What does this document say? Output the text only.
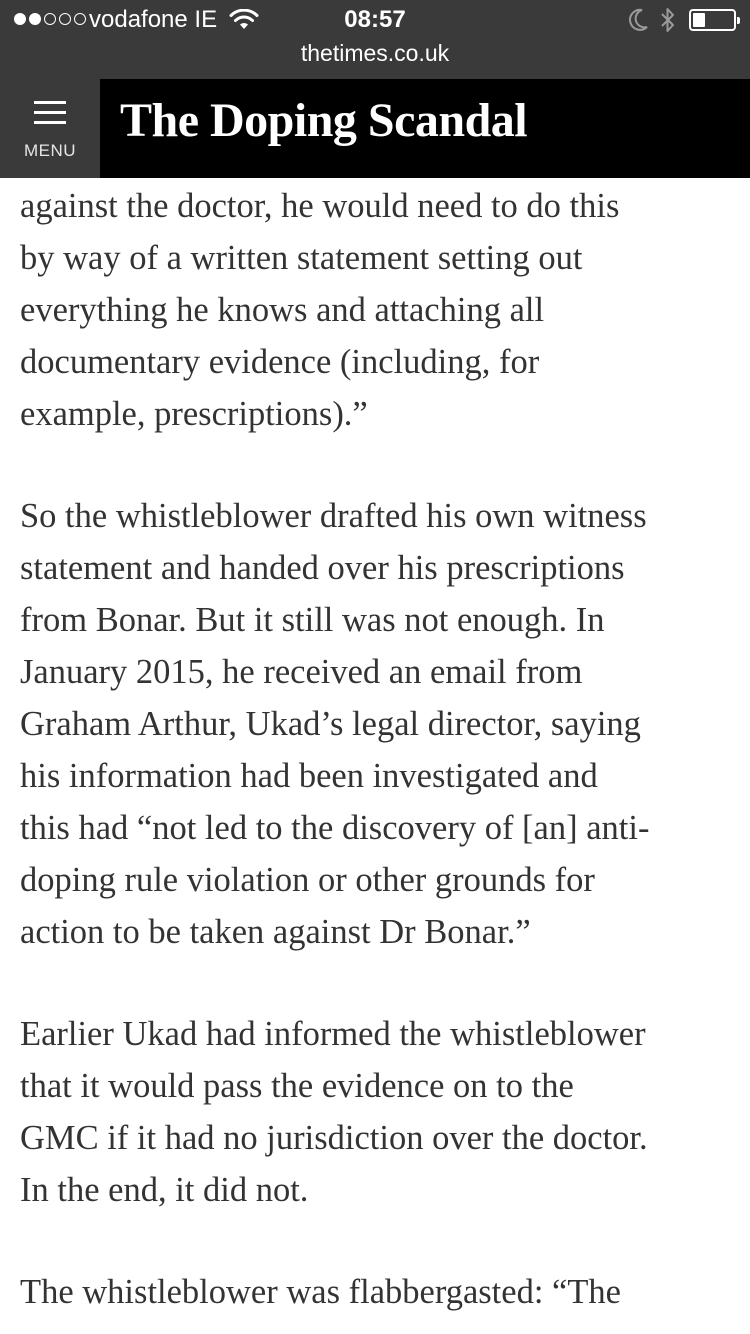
vodafone IE	08:57
thetimes.co.uk
MENU
The Doping Scandal

against the doctor, he would need to do this
by way of a written statement setting out
everything he knows and attaching all
documentary evidence (including, for
example, prescriptions).”

So the whistleblower drafted his own witness
statement and handed over his prescriptions
from Bonar. But it still was not enough. In
January 2015, he received an email from
Graham Arthur, Ukad’s legal director, saying
his information had been investigated and
this had “not led to the discovery of [an] anti-
doping rule violation or other grounds for
action to be taken against Dr Bonar.”

Earlier Ukad had informed the whistleblower
that it would pass the evidence on to the
GMC if it had no jurisdiction over the doctor.
In the end, it did not.

The whistleblower was flabbergasted: “The
